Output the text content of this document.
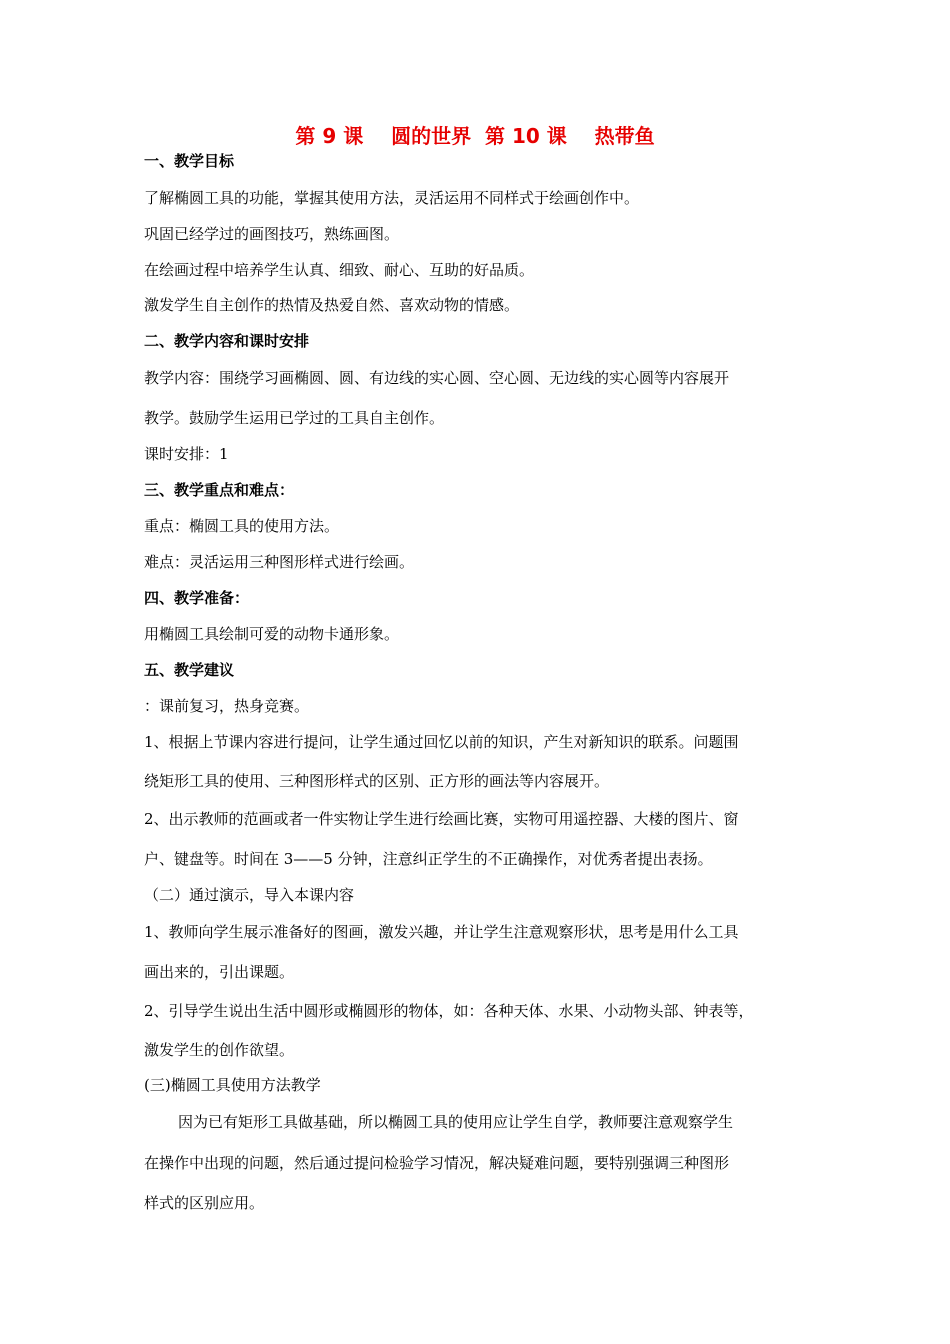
第 9 课    圆的世界  第 10 课    热带鱼
一、教学目标
了解椭圆工具的功能，掌握其使用方法，灵活运用不同样式于绘画创作中。
巩固已经学过的画图技巧，熟练画图。
在绘画过程中培养学生认真、细致、耐心、互助的好品质。
激发学生自主创作的热情及热爱自然、喜欢动物的情感。
二、教学内容和课时安排
教学内容：围绕学习画椭圆、圆、有边线的实心圆、空心圆、无边线的实心圆等内容展开
教学。鼓励学生运用已学过的工具自主创作。
课时安排：1
三、教学重点和难点：
重点：椭圆工具的使用方法。
难点：灵活运用三种图形样式进行绘画。
四、教学准备：
用椭圆工具绘制可爱的动物卡通形象。
五、教学建议
：课前复习，热身竞赛。
1、根据上节课内容进行提问，让学生通过回忆以前的知识，产生对新知识的联系。问题围
绕矩形工具的使用、三种图形样式的区别、正方形的画法等内容展开。
2、出示教师的范画或者一件实物让学生进行绘画比赛，实物可用遥控器、大楼的图片、窗
户、键盘等。时间在 3——5 分钟，注意纠正学生的不正确操作，对优秀者提出表扬。
（二）通过演示，导入本课内容
1、教师向学生展示准备好的图画，激发兴趣，并让学生注意观察形状，思考是用什么工具
画出来的，引出课题。
2、引导学生说出生活中圆形或椭圆形的物体，如：各种天体、水果、小动物头部、钟表等，
激发学生的创作欲望。
(三)椭圆工具使用方法教学
因为已有矩形工具做基础，所以椭圆工具的使用应让学生自学，教师要注意观察学生
在操作中出现的问题，然后通过提问检验学习情况，解决疑难问题，要特别强调三种图形
样式的区别应用。
